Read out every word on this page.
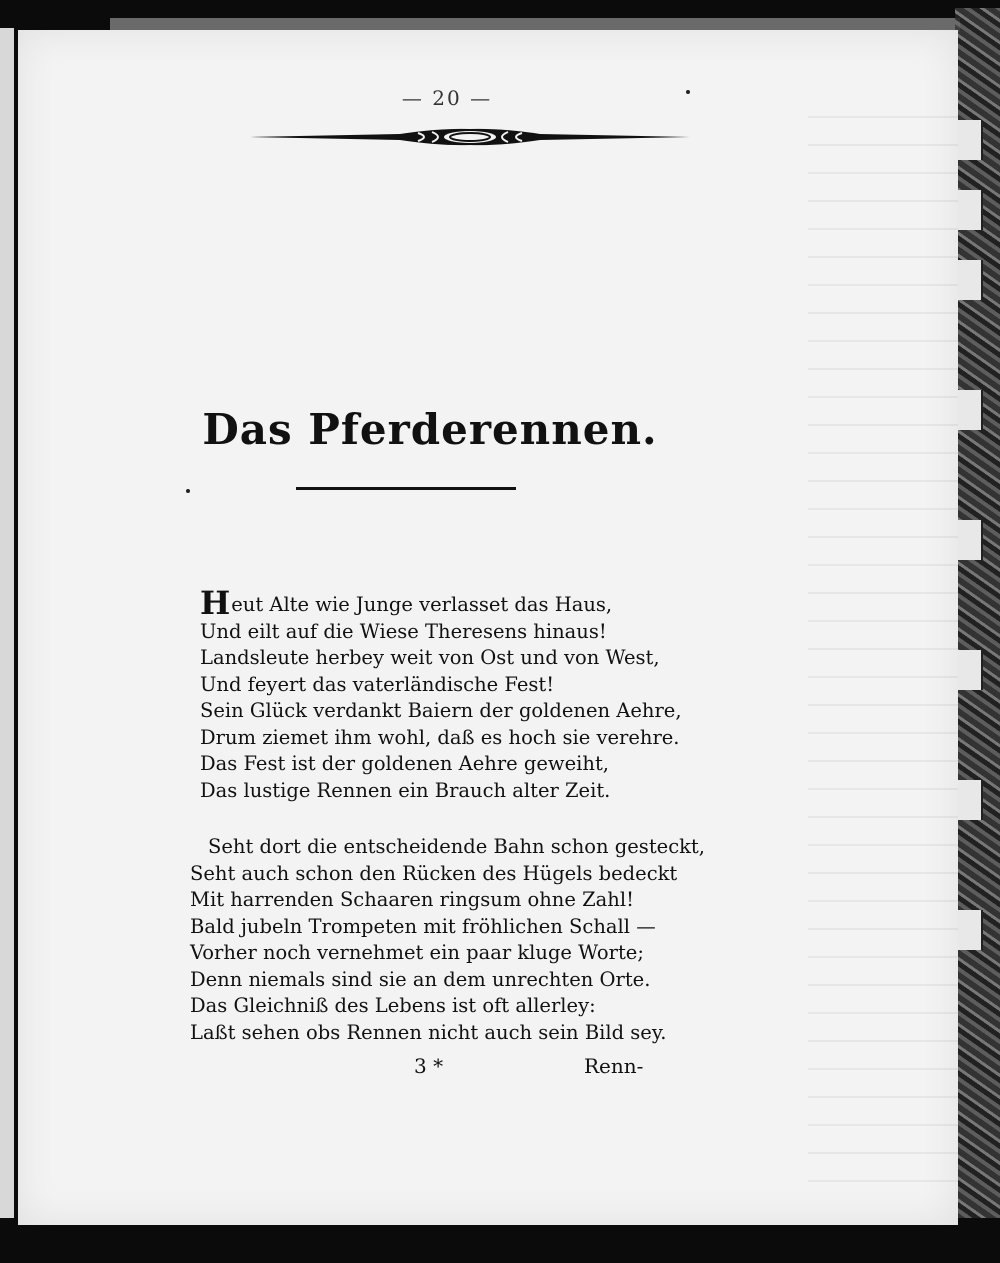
— 20 —
Das Pferderennen.
Heut Alte wie Junge verlasset das Haus,
Und eilt auf die Wiese Theresens hinaus!
Landsleute herbey weit von Ost und von West,
Und feyert das vaterländische Fest!
Sein Glück verdankt Baiern der goldenen Aehre,
Drum ziemet ihm wohl, daß es hoch sie verehre.
Das Fest ist der goldenen Aehre geweiht,
Das lustige Rennen ein Brauch alter Zeit.
Seht dort die entscheidende Bahn schon gesteckt,
Seht auch schon den Rücken des Hügels bedeckt
Mit harrenden Schaaren ringsum ohne Zahl!
Bald jubeln Trompeten mit fröhlichen Schall —
Vorher noch vernehmet ein paar kluge Worte;
Denn niemals sind sie an dem unrechten Orte.
Das Gleichniß des Lebens ist oft allerley:
Laßt sehen obs Rennen nicht auch sein Bild sey.
3 *	Renn-
